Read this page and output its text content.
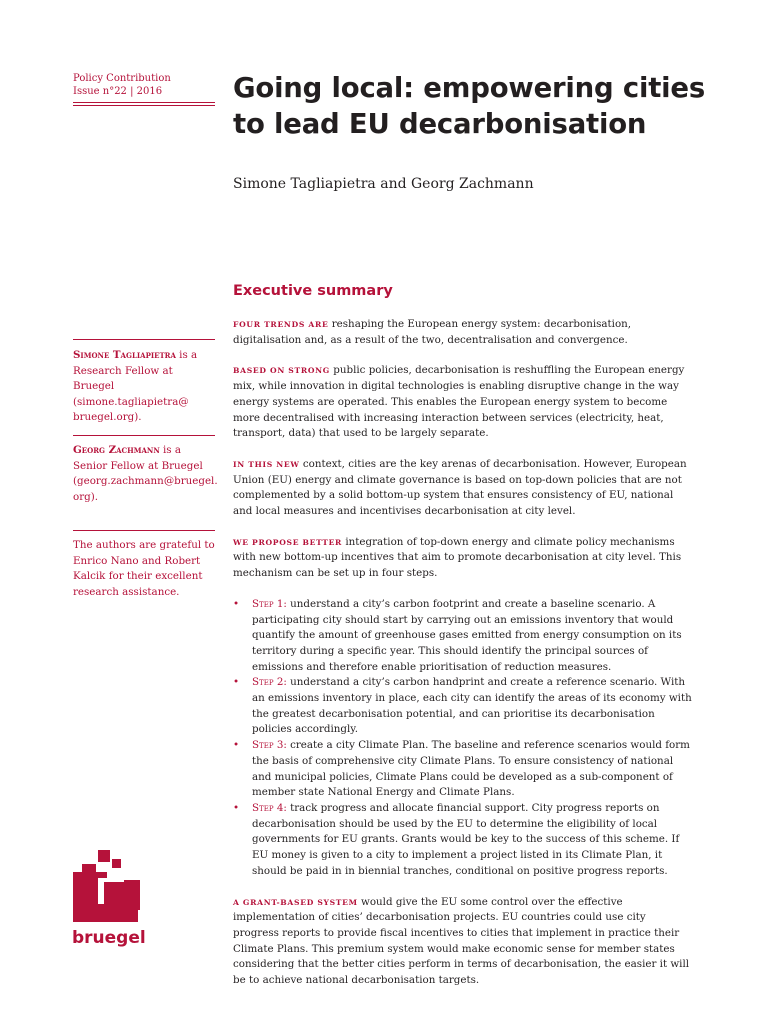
Policy Contribution
Issue n°22 | 2016	Going local: empowering cities to lead EU decarbonisation

Simone Tagliapietra and Georg Zachmann

Executive summary
Simone Tagliapietra is a Research Fellow at Bruegel (simone.tagliapietra@ bruegel.org).
Georg Zachmann is a Senior Fellow at Bruegel (georg.zachmann@bruegel. org).
The authors are grateful to Enrico Nano and Robert Kalcik for their excellent research assistance.

FOUR TRENDS ARE reshaping the European energy system: decarbonisation, digitalisation and, as a result of the two, decentralisation and convergence.

BASED ON STRONG public policies, decarbonisation is reshuffling the European energy mix, while innovation in digital technologies is enabling disruptive change in the way energy systems are operated. This enables the European energy system to become more decentralised with increasing interaction between services (electricity, heat, transport, data) that used to be largely separate.

IN THIS NEW context, cities are the key arenas of decarbonisation. However, European Union (EU) energy and climate governance is based on top-down policies that are not complemented by a solid bottom-up system that ensures consistency of EU, national and local measures and incentivises decarbonisation at city level.

WE PROPOSE BETTER integration of top-down energy and climate policy mechanisms with new bottom-up incentives that aim to promote decarbonisation at city level. This mechanism can be set up in four steps.

• Step 1: understand a city’s carbon footprint and create a baseline scenario. A participating city should start by carrying out an emissions inventory that would quantify the amount of greenhouse gases emitted from energy consumption on its territory during a specific year. This should identify the principal sources of emissions and therefore enable prioritisation of reduction measures.
• Step 2: understand a city’s carbon handprint and create a reference scenario. With an emissions inventory in place, each city can identify the areas of its economy with the greatest decarbonisation potential, and can prioritise its decarbonisation policies accordingly.
• Step 3: create a city Climate Plan. The baseline and reference scenarios would form the basis of comprehensive city Climate Plans. To ensure consistency of national and municipal policies, Climate Plans could be developed as a sub-component of member state National Energy and Climate Plans.
• Step 4: track progress and allocate financial support. City progress reports on decarbonisation should be used by the EU to determine the eligibility of local governments for EU grants. Grants would be key to the success of this scheme. If EU money is given to a city to implement a project listed in its Climate Plan, it should be paid in in biennial tranches, conditional on positive progress reports.

A GRANT-BASED SYSTEM would give the EU some control over the effective implementation of cities’ decarbonisation projects. EU countries could use city progress reports to provide fiscal incentives to cities that implement in practice their Climate Plans. This premium system would make economic sense for member states considering that the better cities perform in terms of decarbonisation, the easier it will be to achieve national decarbonisation targets.

bruegel
